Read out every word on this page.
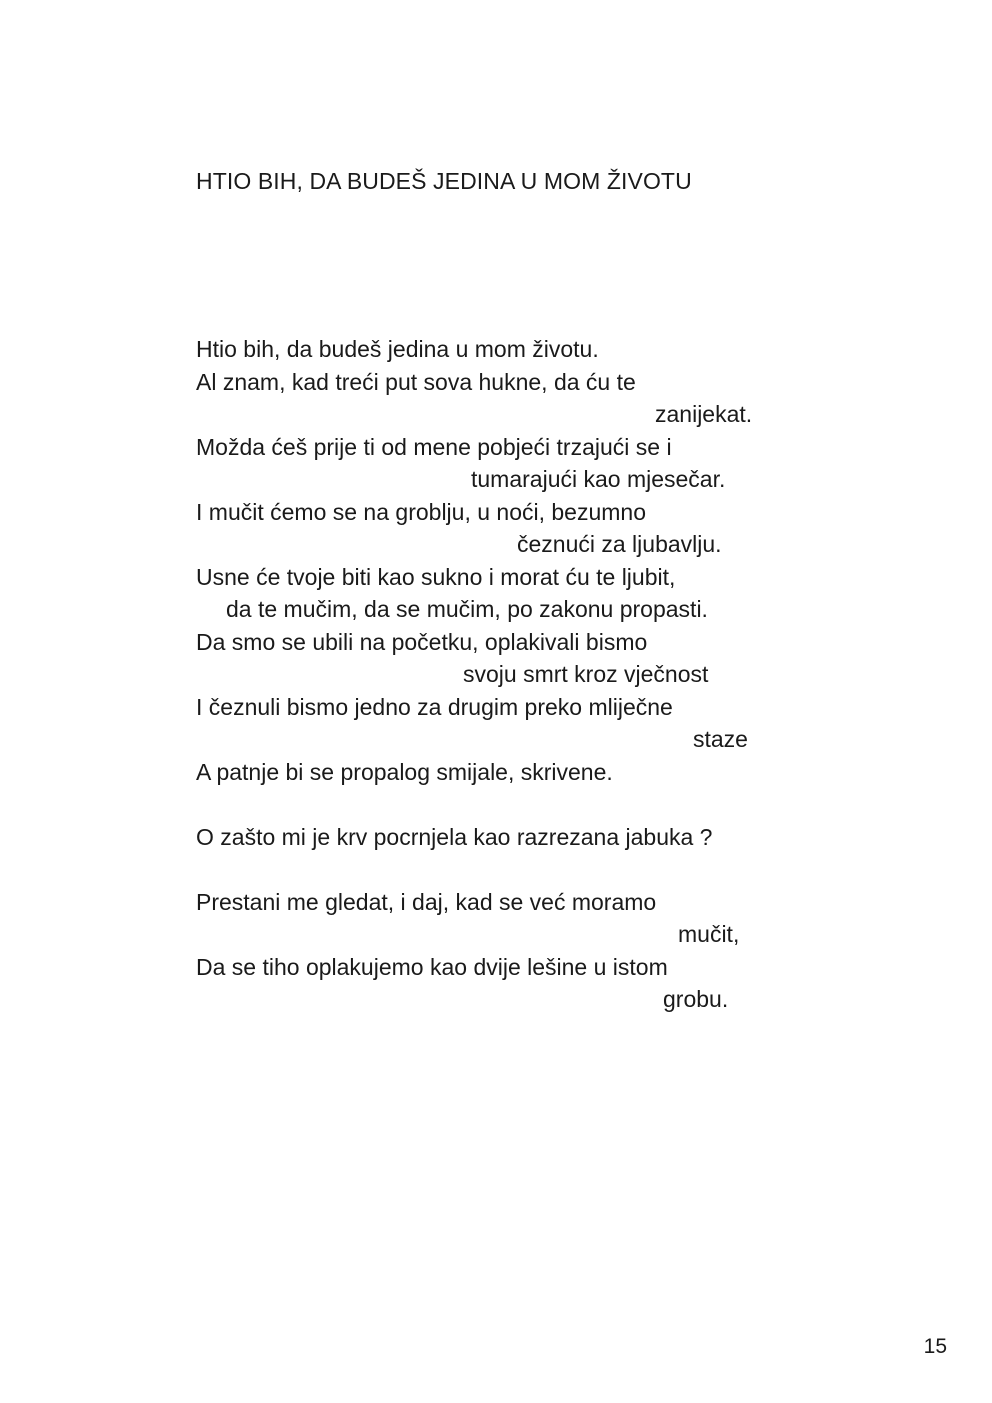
HTIO BIH, DA BUDEŠ JEDINA U MOM ŽIVOTU
Htio bih, da budeš jedina u mom životu.
Al znam, kad treći put sova hukne, da ću te
zanijekat.
Možda ćeš prije ti od mene pobjeći trzajući se i
tumarajući kao mjesečar.
I mučit ćemo se na groblju, u noći, bezumno
čeznući za ljubavlju.
Usne će tvoje biti kao sukno i morat ću te ljubit,
da te mučim, da se mučim, po zakonu propasti.
Da smo se ubili na početku, oplakivali bismo
svoju smrt kroz vječnost
I čeznuli bismo jedno za drugim preko mliječne
staze
A patnje bi se propalog smijale, skrivene.
O zašto mi je krv pocrnjela kao razrezana jabuka ?
Prestani me gledat, i daj, kad se već moramo
mučit,
Da se tiho oplakujemo kao dvije lešine u istom
grobu.
15
